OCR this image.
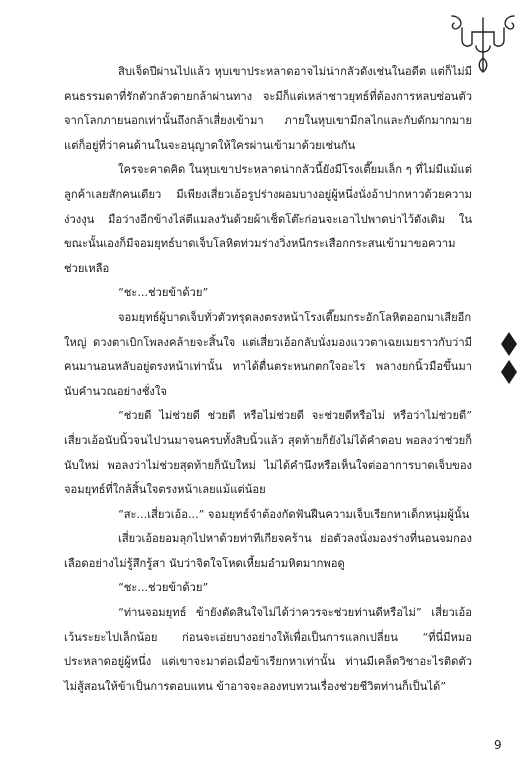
สิบเจ็ดปีผ่านไปแล้ว หุบเขาประหลาดอาจไม่น่ากลัวดังเช่นในอดีต แต่ก็ไม่มีคนธรรมดาที่รักตัวกลัวตายกล้าผ่านทาง จะมีก็แต่เหล่าชาวยุทธ์ที่ต้องการหลบซ่อนตัวจากโลกภายนอกเท่านั้นถึงกล้าเสี่ยงเข้ามา ภายในหุบเขามีกลไกและกับดักมากมาย แต่ก็อยู่ที่ว่าคนด้านในจะอนุญาตให้ใครผ่านเข้ามาด้วยเช่นกัน

ใครจะคาดคิด ในหุบเขาประหลาดน่ากลัวนี้ยังมีโรงเตี๊ยมเล็ก ๆ ที่ไม่มีแม้แต่ลูกค้าเลยสักคนเดียว มีเพียงเสี่ยวเอ้อรูปร่างผอมบางอยู่ผู้หนึ่งนั่งอ้าปากหาวด้วยความง่วงงุน มือว่างอีกข้างไล่ตีแมลงวันด้วยผ้าเช็ดโต๊ะก่อนจะเอาไปพาดบ่าไว้ดังเดิม ในขณะนั้นเองก็มีจอมยุทธ์บาดเจ็บโลหิตท่วมร่างวิ่งหนีกระเสือกกระสนเข้ามาขอความช่วยเหลือ

“ชะ...ช่วยข้าด้วย”

จอมยุทธ์ผู้บาดเจ็บทั่วตัวทรุดลงตรงหน้าโรงเตี๊ยมกระอักโลหิตออกมาเสียอีกใหญ่ ดวงตาเบิกโพลงคล้ายจะสิ้นใจ แต่เสี่ยวเอ้อกลับนั่งมองแววตาเฉยเมยราวกับว่ามีคนมานอนหลับอยู่ตรงหน้าเท่านั้น ทาได้ตื่นตระหนกตกใจอะไร พลางยกนิ้วมือขึ้นมานับคำนวณอย่างชั่งใจ

“ช่วยดี ไม่ช่วยดี ช่วยดี หรือไม่ช่วยดี จะช่วยดีหรือไม่ หรือว่าไม่ช่วยดี” เสี่ยวเอ้อนับนิ้วจนไปวนมาจนครบทั้งสิบนิ้วแล้ว สุดท้ายก็ยังไม่ได้คำตอบ พอลงว่าช่วยก็นับใหม่ พอลงว่าไม่ช่วยสุดท้ายก็นับใหม่ ไม่ได้คำนึงหรือเห็นใจต่ออาการบาดเจ็บของจอมยุทธ์ที่ใกล้สิ้นใจตรงหน้าเลยแม้แต่น้อย

“สะ...เสี่ยวเอ้อ...” จอมยุทธ์จำต้องกัดฟันฝืนความเจ็บเรียกหาเด็กหนุ่มผู้นั้น

เสี่ยวเอ้อยอมลุกไปหาด้วยท่าทีเกียจคร้าน ย่อตัวลงนั่งมองร่างที่นอนจมกองเลือดอย่างไม่รู้สึกรู้สา นับว่าจิตใจโหดเหี้ยมอำมหิตมากพอดู

“ชะ...ช่วยข้าด้วย”

“ท่านจอมยุทธ์ ข้ายังตัดสินใจไม่ได้ว่าควรจะช่วยท่านดีหรือไม่” เสี่ยวเอ้อเว้นระยะไปเล็กน้อย ก่อนจะเอ่ยบางอย่างให้เพื่อเป็นการแลกเปลี่ยน “ที่นี่มีหมอประหลาดอยู่ผู้หนึ่ง แต่เขาจะมาต่อเมื่อข้าเรียกหาเท่านั้น ท่านมีเคล็ดวิชาอะไรติดตัวไม่สู้สอนให้ข้าเป็นการตอบแทน ข้าอาจจะลองทบทวนเรื่องช่วยชีวิตท่านก็เป็นได้”

9
